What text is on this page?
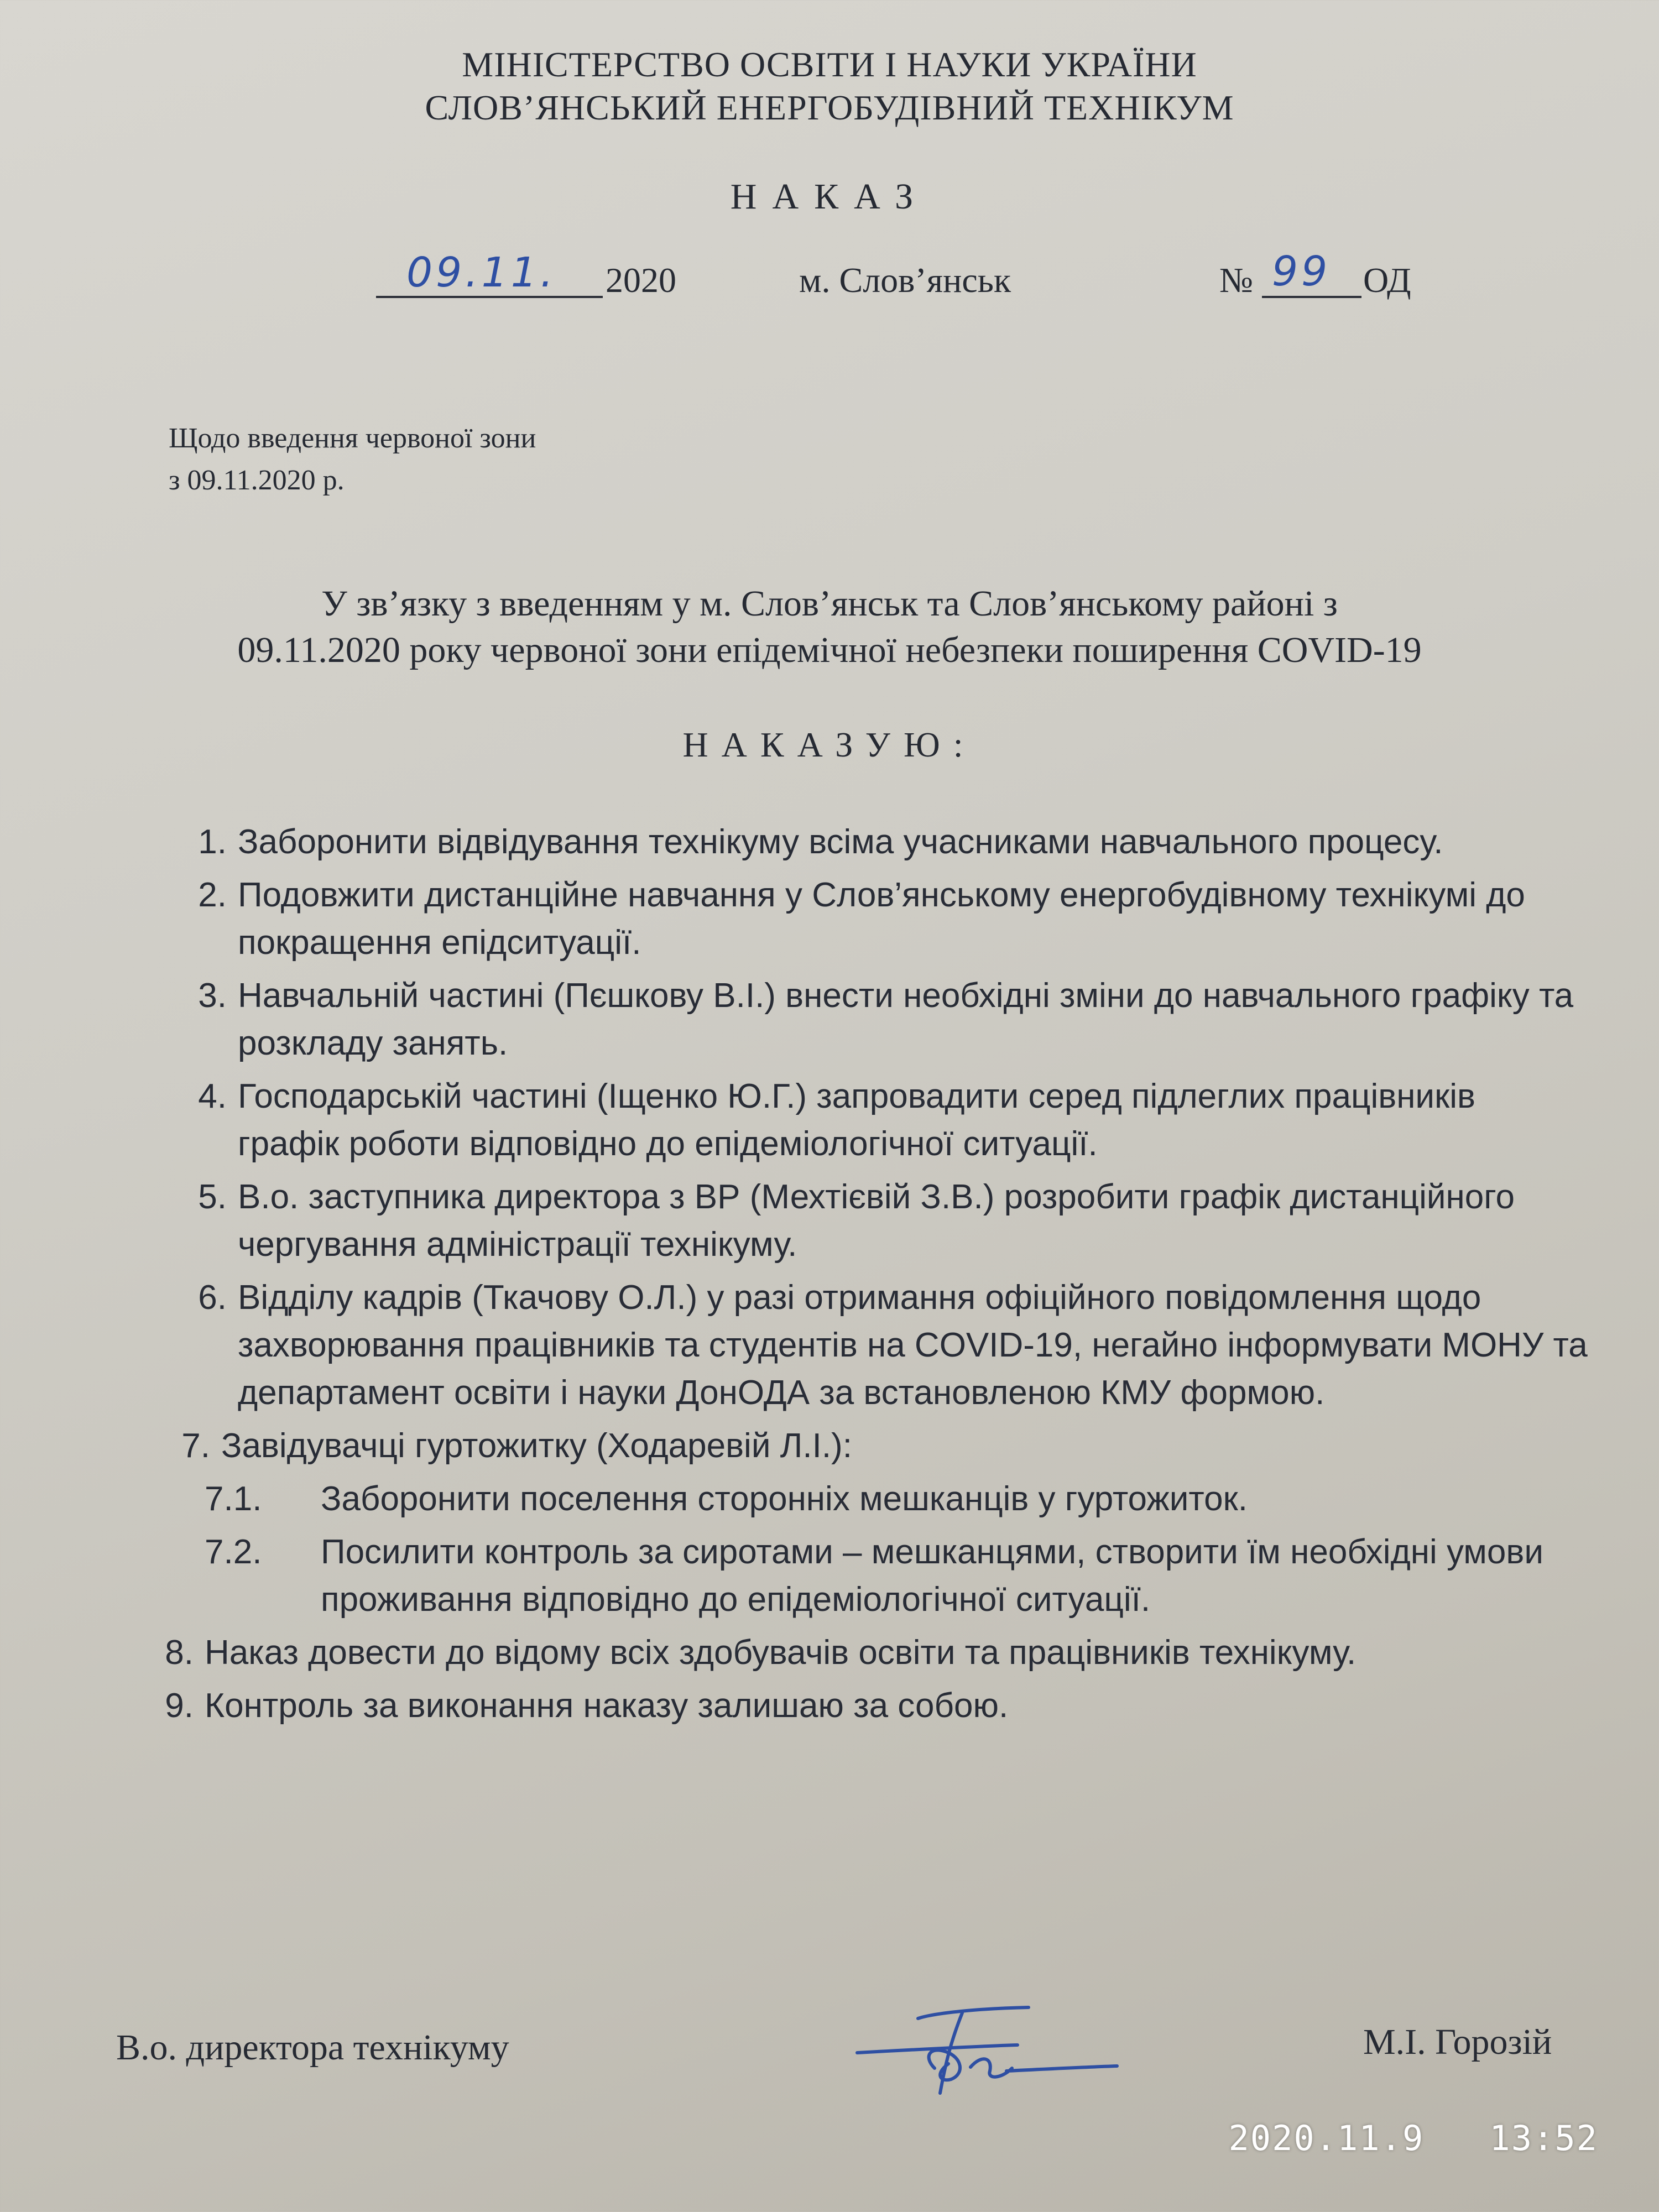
МІНІСТЕРСТВО ОСВІТИ І НАУКИ УКРАЇНИ
СЛОВ’ЯНСЬКИЙ ЕНЕРГОБУДІВНИЙ ТЕХНІКУМ
НАКАЗ
09.11. 2020	м. Слов’янськ	№ 99 ОД
Щодо введення червоної зони
з 09.11.2020 р.
У зв’язку з введенням у м. Слов’янськ та Слов’янському районі з
09.11.2020 року червоної зони епідемічної небезпеки поширення COVID-19
НАКАЗУЮ:
1. Заборонити відвідування технікуму всіма учасниками навчального процесу.
2. Подовжити дистанційне навчання у Слов’янському енергобудівному технікумі до покращення епідситуації.
3. Навчальній частині (Пєшкову В.І.) внести необхідні зміни до навчального графіку та розкладу занять.
4. Господарській частині (Іщенко Ю.Г.) запровадити серед підлеглих працівників графік роботи відповідно до епідеміологічної ситуації.
5. В.о. заступника директора з ВР (Мехтієвій З.В.) розробити графік дистанційного чергування адміністрації технікуму.
6. Відділу кадрів (Ткачову О.Л.) у разі отримання офіційного повідомлення щодо захворювання працівників та студентів на COVID-19, негайно інформувати МОНУ та департамент освіти і науки ДонОДА за встановленою КМУ формою.
7. Завідувачці гуртожитку (Ходаревій Л.І.):
7.1. Заборонити поселення сторонніх мешканців у гуртожиток.
7.2. Посилити контроль за сиротами – мешканцями, створити їм необхідні умови проживання відповідно до епідеміологічної ситуації.
8. Наказ довести до відому всіх здобувачів освіти та працівників технікуму.
9. Контроль за виконання наказу залишаю за собою.
В.о. директора технікуму	М.І. Горозій
2020.11.9   13:52
